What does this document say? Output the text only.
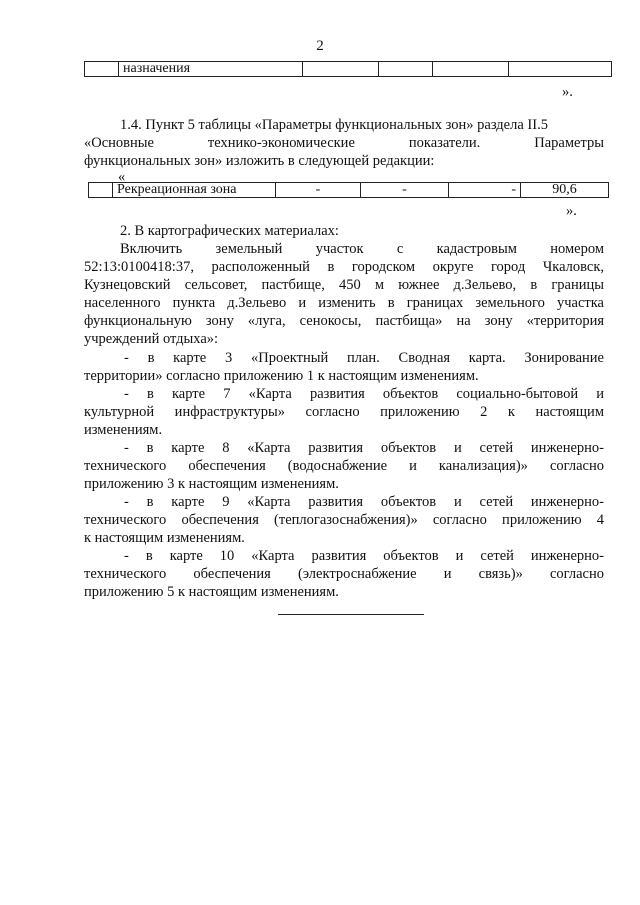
2
	назначения				
».
1.4. Пункт 5 таблицы «Параметры функциональных зон» раздела II.5
«Основные технико-экономические показатели. Параметры
функциональных зон» изложить в следующей редакции:
«
	Рекреационная зона	-	-	-	90,6
».
2. В картографических материалах:
Включить земельный участок с кадастровым номером
52:13:0100418:37, расположенный в городском округе город Чкаловск,
Кузнецовский сельсовет, пастбище, 450 м южнее д.Зельево, в границы
населенного пункта д.Зельево и изменить в границах земельного участка
функциональную зону «луга, сенокосы, пастбища» на зону «территория
учреждений отдыха»:
- в карте 3 «Проектный план. Сводная карта. Зонирование
территории» согласно приложению 1 к настоящим изменениям.
- в карте 7 «Карта развития объектов социально-бытовой и
культурной инфраструктуры» согласно приложению 2 к настоящим
изменениям.
- в карте 8 «Карта развития объектов и сетей инженерно-
технического обеспечения (водоснабжение и канализация)» согласно
приложению 3 к настоящим изменениям.
- в карте 9 «Карта развития объектов и сетей инженерно-
технического обеспечения (теплогазоснабжения)» согласно приложению 4
к настоящим изменениям.
- в карте 10 «Карта развития объектов и сетей инженерно-
технического обеспечения (электроснабжение и связь)» согласно
приложению 5 к настоящим изменениям.
